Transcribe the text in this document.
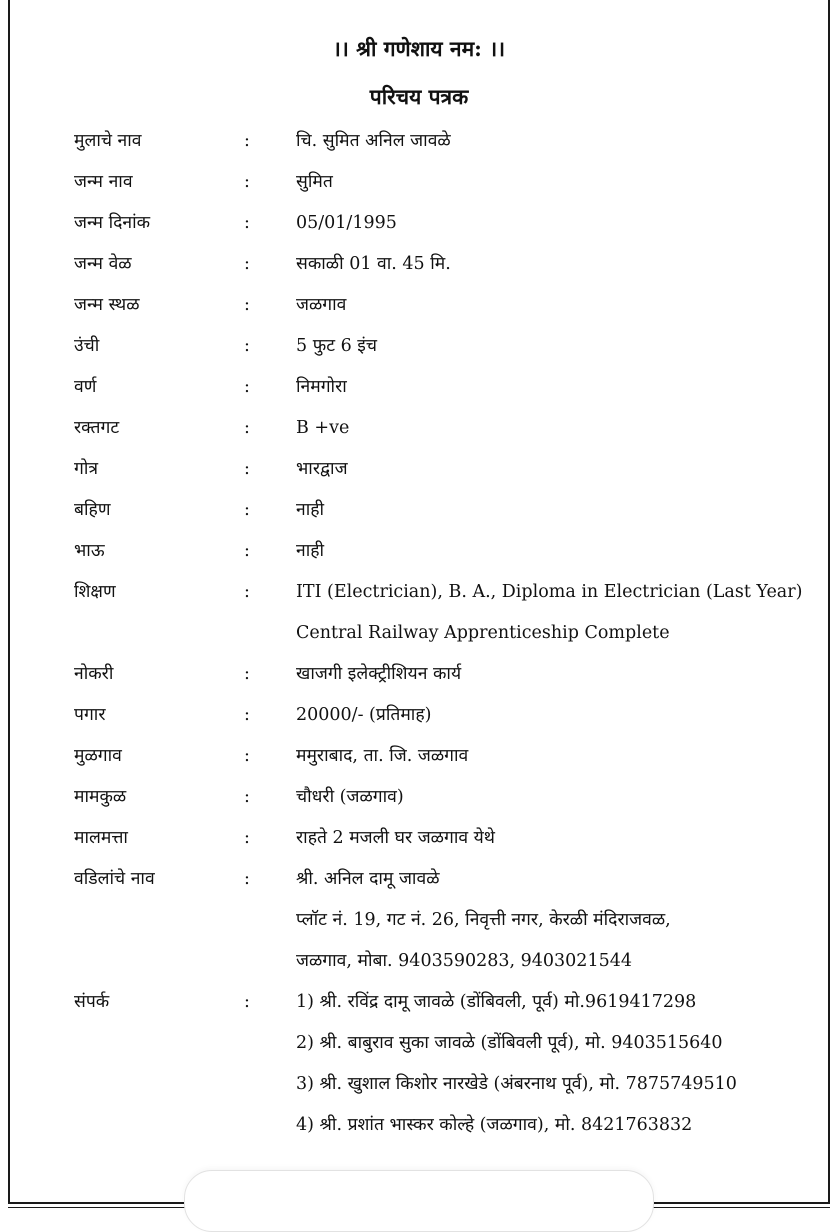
।। श्री गणेशाय नम: ।।
परिचय पत्रक
मुलाचे नाव	:	चि. सुमित अनिल जावळे
जन्म नाव	:	सुमित
जन्म दिनांक	:	05/01/1995
जन्म वेळ	:	सकाळी 01 वा. 45 मि.
जन्म स्थळ	:	जळगाव
उंची	:	5 फुट 6 इंच
वर्ण	:	निमगोरा
रक्तगट	:	B +ve
गोत्र	:	भारद्वाज
बहिण	:	नाही
भाऊ	:	नाही
शिक्षण	:	ITI (Electrician), B. A., Diploma in Electrician (Last Year)
Central Railway Apprenticeship Complete
नोकरी	:	खाजगी इलेक्ट्रीशियन कार्य
पगार	:	20000/- (प्रतिमाह)
मुळगाव	:	ममुराबाद, ता. जि. जळगाव
मामकुळ	:	चौधरी (जळगाव)
मालमत्ता	:	राहते 2 मजली घर जळगाव येथे
वडिलांचे नाव	:	श्री. अनिल दामू जावळे
प्लॉट नं. 19, गट नं. 26, निवृत्ती नगर, केरळी मंदिराजवळ,
जळगाव, मोबा. 9403590283, 9403021544
संपर्क	:	1) श्री. रविंद्र दामू जावळे (डोंबिवली, पूर्व) मो.9619417298
2) श्री. बाबुराव सुका जावळे (डोंबिवली पूर्व), मो. 9403515640
3) श्री. खुशाल किशोर नारखेडे (अंबरनाथ पूर्व), मो. 7875749510
4) श्री. प्रशांत भास्कर कोल्हे (जळगाव), मो. 8421763832
